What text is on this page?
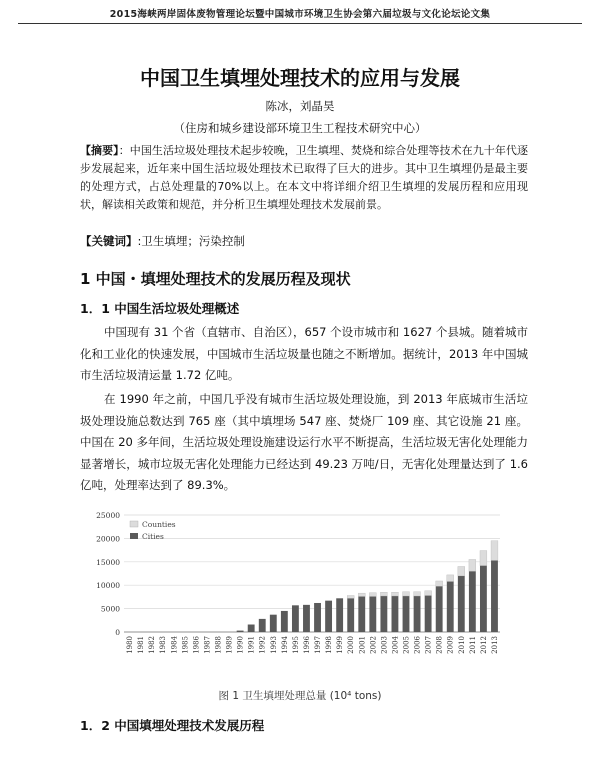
2015海峡两岸固体废物管理论坛暨中国城市环境卫生协会第六届垃圾与文化论坛论文集
中国卫生填埋处理技术的应用与发展
陈冰，刘晶昊
（住房和城乡建设部环境卫生工程技术研究中心）
【摘要】：中国生活垃圾处理技术起步较晚，卫生填埋、焚烧和综合处理等技术在九十年代逐步发展起来，近年来中国生活垃圾处理技术已取得了巨大的进步。其中卫生填埋仍是最主要的处理方式，占总处理量的70%以上。在本文中将详细介绍卫生填埋的发展历程和应用现状，解读相关政策和规范，并分析卫生填埋处理技术发展前景。
【关键词】:卫生填埋；污染控制
1 中国・填埋处理技术的发展历程及现状
1．1 中国生活垃圾处理概述
中国现有 31 个省（直辖市、自治区），657 个设市城市和 1627 个县城。随着城市化和工业化的快速发展，中国城市生活垃圾量也随之不断增加。据统计，2013 年中国城市生活垃圾清运量 1.72 亿吨。
在 1990 年之前，中国几乎没有城市生活垃圾处理设施，到 2013 年底城市生活垃圾处理设施总数达到 765 座（其中填埋场 547 座、焚烧厂 109 座、其它设施 21 座。中国在 20 多年间，生活垃圾处理设施建设运行水平不断提高，生活垃圾无害化处理能力显著增长，城市垃圾无害化处理能力已经达到 49.23 万吨/日，无害化处理量达到了 1.6 亿吨，处理率达到了 89.3%。
0
5000
10000
15000
20000
25000
1980 1981 1982 1983 1984 1985 1986 1987 1988 1989 1990 1991 1992 1993 1994 1995 1996 1997 1998 1999 2000 2001 2002 2003 2004 2005 2006 2007 2008 2009 2010 2011 2012 2013
Counties
Cities
图 1 卫生填埋处理总量 (10⁴ tons)
1．2 中国填埋处理技术发展历程
